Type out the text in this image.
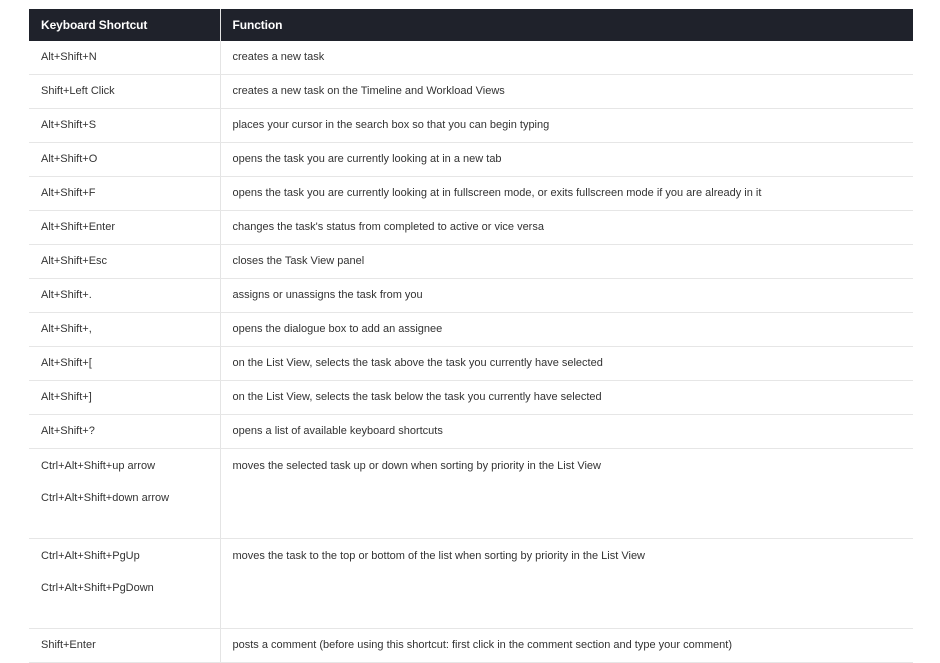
Keyboard Shortcut	Function

Alt+Shift+N	creates a new task

Shift+Left Click	creates a new task on the Timeline and Workload Views

Alt+Shift+S	places your cursor in the search box so that you can begin typing

Alt+Shift+O	opens the task you are currently looking at in a new tab

Alt+Shift+F	opens the task you are currently looking at in fullscreen mode, or exits fullscreen mode if you are already in it

Alt+Shift+Enter	changes the task's status from completed to active or vice versa

Alt+Shift+Esc	closes the Task View panel

Alt+Shift+.	assigns or unassigns the task from you

Alt+Shift+,	opens the dialogue box to add an assignee

Alt+Shift+[	on the List View, selects the task above the task you currently have selected

Alt+Shift+]	on the List View, selects the task below the task you currently have selected

Alt+Shift+?	opens a list of available keyboard shortcuts

Ctrl+Alt+Shift+up arrow
Ctrl+Alt+Shift+down arrow	moves the selected task up or down when sorting by priority in the List View

Ctrl+Alt+Shift+PgUp
Ctrl+Alt+Shift+PgDown	moves the task to the top or bottom of the list when sorting by priority in the List View

Shift+Enter	posts a comment (before using this shortcut: first click in the comment section and type your comment)
